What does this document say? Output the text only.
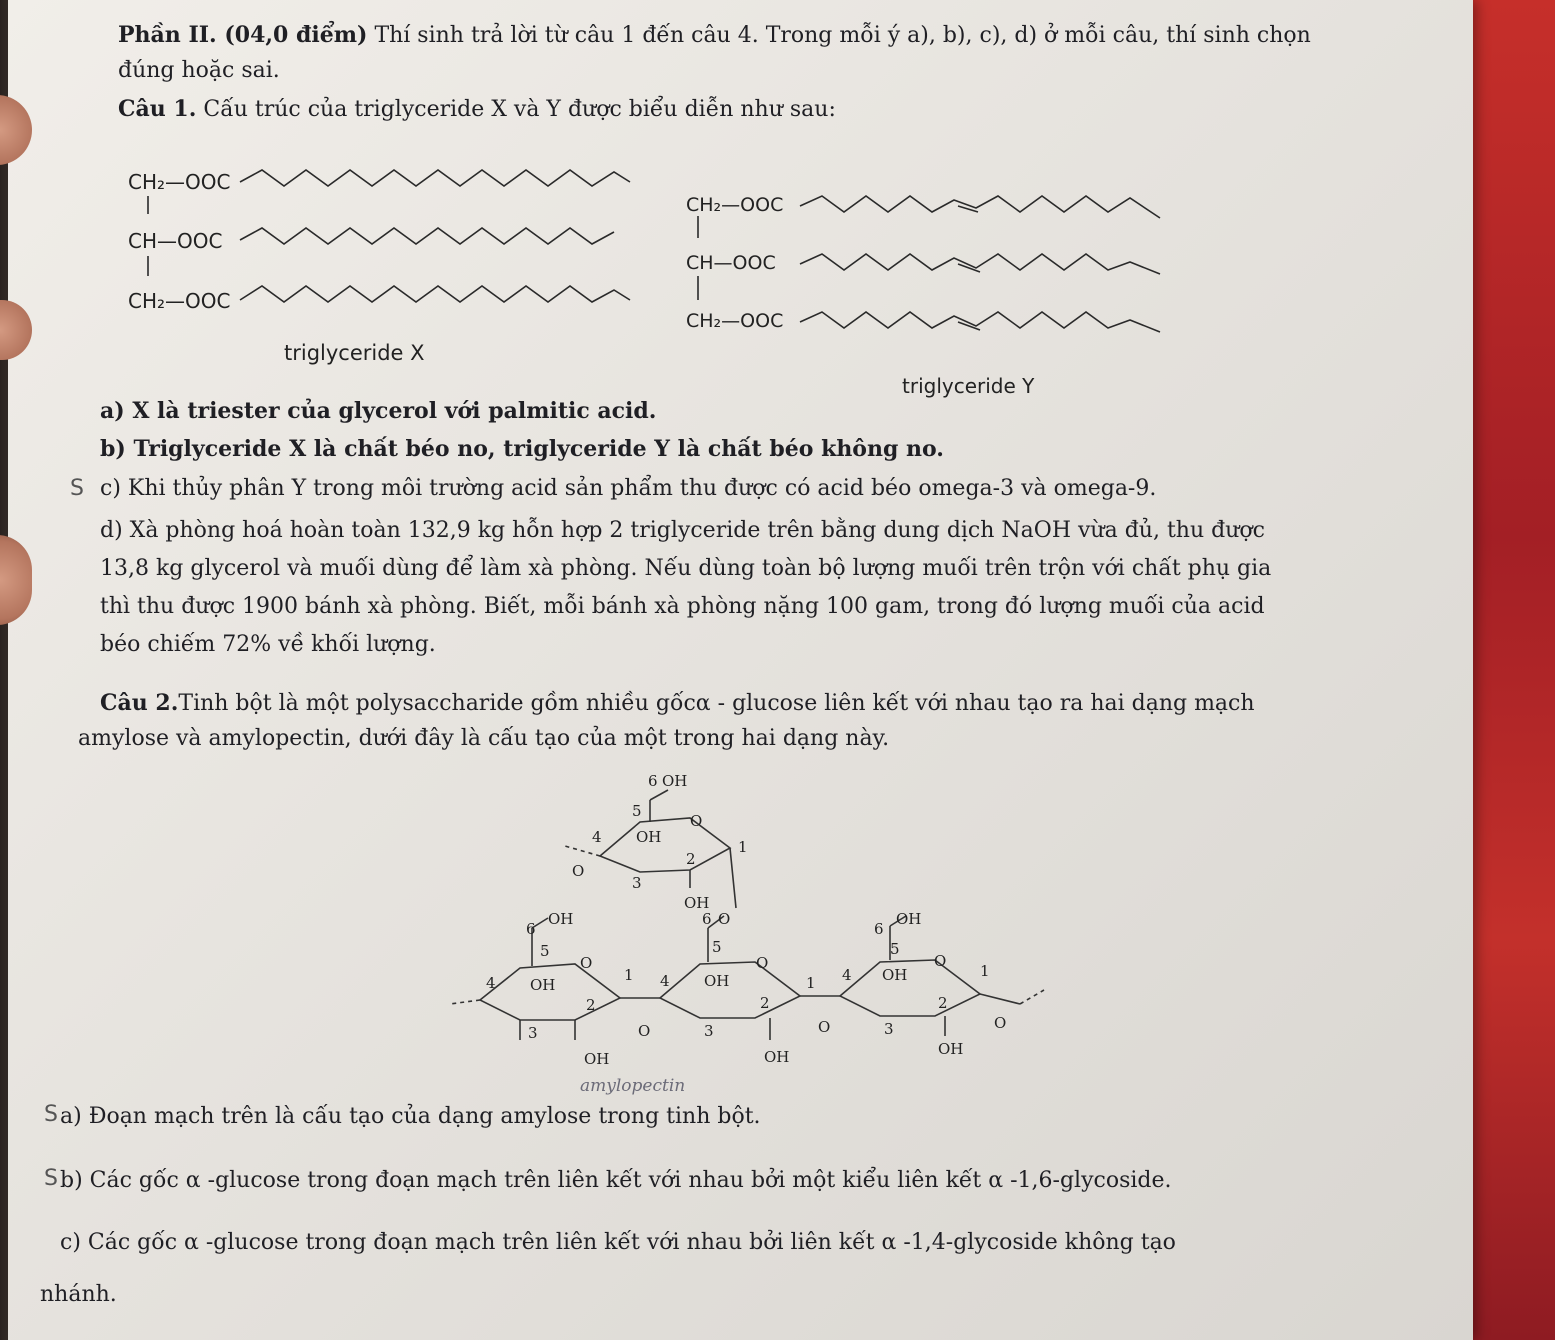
Phần II. (04,0 điểm) Thí sinh trả lời từ câu 1 đến câu 4. Trong mỗi ý a), b), c), d) ở mỗi câu, thí sinh chọn
đúng hoặc sai.
Câu 1. Cấu trúc của triglyceride X và Y được biểu diễn như sau:
CH₂—OOC
CH—OOC
CH₂—OOC
triglyceride X
CH₂—OOC
CH—OOC
CH₂—OOC
triglyceride Y
a) X là triester của glycerol với palmitic acid.
b) Triglyceride X là chất béo no, triglyceride Y là chất béo không no.
S c) Khi thủy phân Y trong môi trường acid sản phẩm thu được có acid béo omega-3 và omega-9.
d) Xà phòng hoá hoàn toàn 132,9 kg hỗn hợp 2 triglyceride trên bằng dung dịch NaOH vừa đủ, thu được
13,8 kg glycerol và muối dùng để làm xà phòng. Nếu dùng toàn bộ lượng muối trên trộn với chất phụ gia
thì thu được 1900 bánh xà phòng. Biết, mỗi bánh xà phòng nặng 100 gam, trong đó lượng muối của acid
béo chiếm 72% về khối lượng.
Câu 2.Tinh bột là một polysaccharide gồm nhiều gốcα - glucose liên kết với nhau tạo ra hai dạng mạch
amylose và amylopectin, dưới đây là cấu tạo của một trong hai dạng này.
OH
6
5
O
4 OH
1
2
O
3
OH
OH
6
5
O
4 OH
1
2
3	O
OH
6 O
5
O
4 OH	1
2
3	O
OH
OH
6
5
O
4 OH	1
2
3	O
OH
amylopectin
S a) Đoạn mạch trên là cấu tạo của dạng amylose trong tinh bột.
S b) Các gốc α -glucose trong đoạn mạch trên liên kết với nhau bởi một kiểu liên kết α -1,6-glycoside.
c) Các gốc α -glucose trong đoạn mạch trên liên kết với nhau bởi liên kết α -1,4-glycoside không tạo
nhánh.
